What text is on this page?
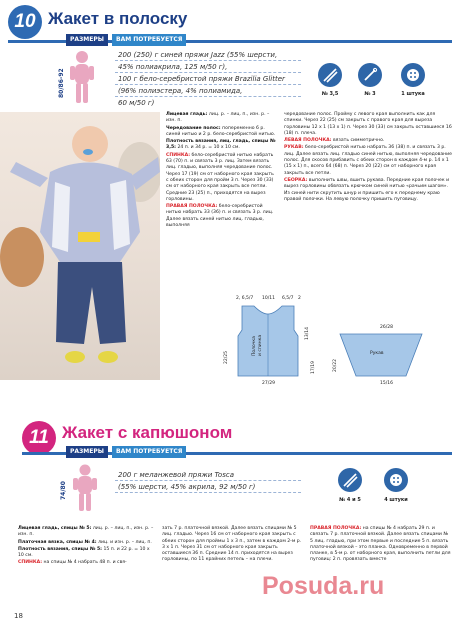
10 Жакет в полоску
РАЗМЕРЫ	ВАМ ПОТРЕБУЕТСЯ
80/86-92
200 (250) г синей пряжи Jazz (55% шерсти,
45% полиакрила, 125 м/50 г),
100 г бело-серебристой пряжи Brazilia Glitter
(96% полиэстера, 4% полиамида,
60 м/50 г)
№ 3,5	№ 3	1 штука

Лицевая гладь: лиц. р. – лиц. п., изн. р. – изн. п.

Чередование полос: попеременно 6 р. синей нитью и 2 р. бело-серебристой нитью.

Плотность вязания, лиц. гладь, спицы № 3,5: 24 п. и 34 р. = 10 х 10 см.

СПИНКА: бело-серебристой нитью набрать 63 (70) п. и связать 3 р. лиц. Затем вязать лиц. гладью, выполняя чередование полос. Через 17 (19) см от наборного края закрыть с обеих сторон для пройм 3 п. Через 30 (33) см от наборного края закрыть все петли. Средние 23 (25) п., приходятся на вырез горловины.

ПРАВАЯ ПОЛОЧКА: бело-серебристой нитью набрать 33 (36) п. и связать 3 р. лиц. Далее вязать синей нитью лиц. гладью, выполняя

чередование полос. Пройму с левого края выполнить как для спинки. Через 22 (25) см закрыть с правого края для выреза горловины 12 х 1 (13 х 1) п. Через 30 (33) см закрыть оставшиеся 16 (18) п. плеча.

ЛЕВАЯ ПОЛОЧКА: вязать симметрично.

РУКАВ: бело-серебристой нитью набрать 36 (38) п. и связать 3 р. лиц. Далее вязать лиц. гладью синей нитью, выполняя чередование полос. Для скосов прибавить с обеих сторон в каждом 4-м р. 14 х 1 (15 х 1) п., всего 64 (68) п. Через 20 (22) см от наборного края закрыть все петли.

СБОРКА: выполнить швы, вшить рукава. Передние края полочек и вырез горловины обвязать крючком синей нитью «рачьим шагом». Из синей нити скрутить шнур и пришить его к переднему краю правой полочки. На левую полочку пришить пуговицу.

2, 6,5/7 10/11 6,5/7 2
22/25
13/14
17/19
Полочка и спинка
27/29
26/28
Рукав
20/22
15/16
11 Жакет с капюшоном
РАЗМЕРЫ	ВАМ ПОТРЕБУЕТСЯ
74/80
200 г меланжевой пряжи Tosca
(55% шерсти, 45% акрила, 92 м/50 г)
№ 4 и 5	4 штуки

Лицевая гладь, спицы № 5: лиц. р. – лиц. п., изн. р. – изн. п.

Платочная вязка, спицы № 4: лиц. и изн. р. – лиц. п.

Плотность вязания, спицы № 5: 15 п. и 22 р. = 10 х 10 см.

СПИНКА: на спицы № 4 набрать 48 п. и свя-

зать 7 р. платочной вязкой. Далее вязать спицами № 5 лиц. гладью. Через 16 см от наборного края закрыть с обеих сторон для проймы 1 х 3 п., затем в каждом 2-м р. 3 х 1 п. Через 31 см от наборного края закрыть оставшиеся 36 п. Средние 14 п. приходятся на вырез горловины, по 11 крайних петель – на плечи.

ПРАВАЯ ПОЛОЧКА: на спицы № 4 набрать 29 п. и связать 7 р. платочной вязкой. Далее вязать спицами № 5 лиц. гладью, при этом первые и последние 5 п. вязать платочной вязкой – это планка. Одновременно в первой планке, в 5-м р. от наборного края, выполнить петли для пуговиц: 2 п. провязать вместе

Posuda.ru
18
